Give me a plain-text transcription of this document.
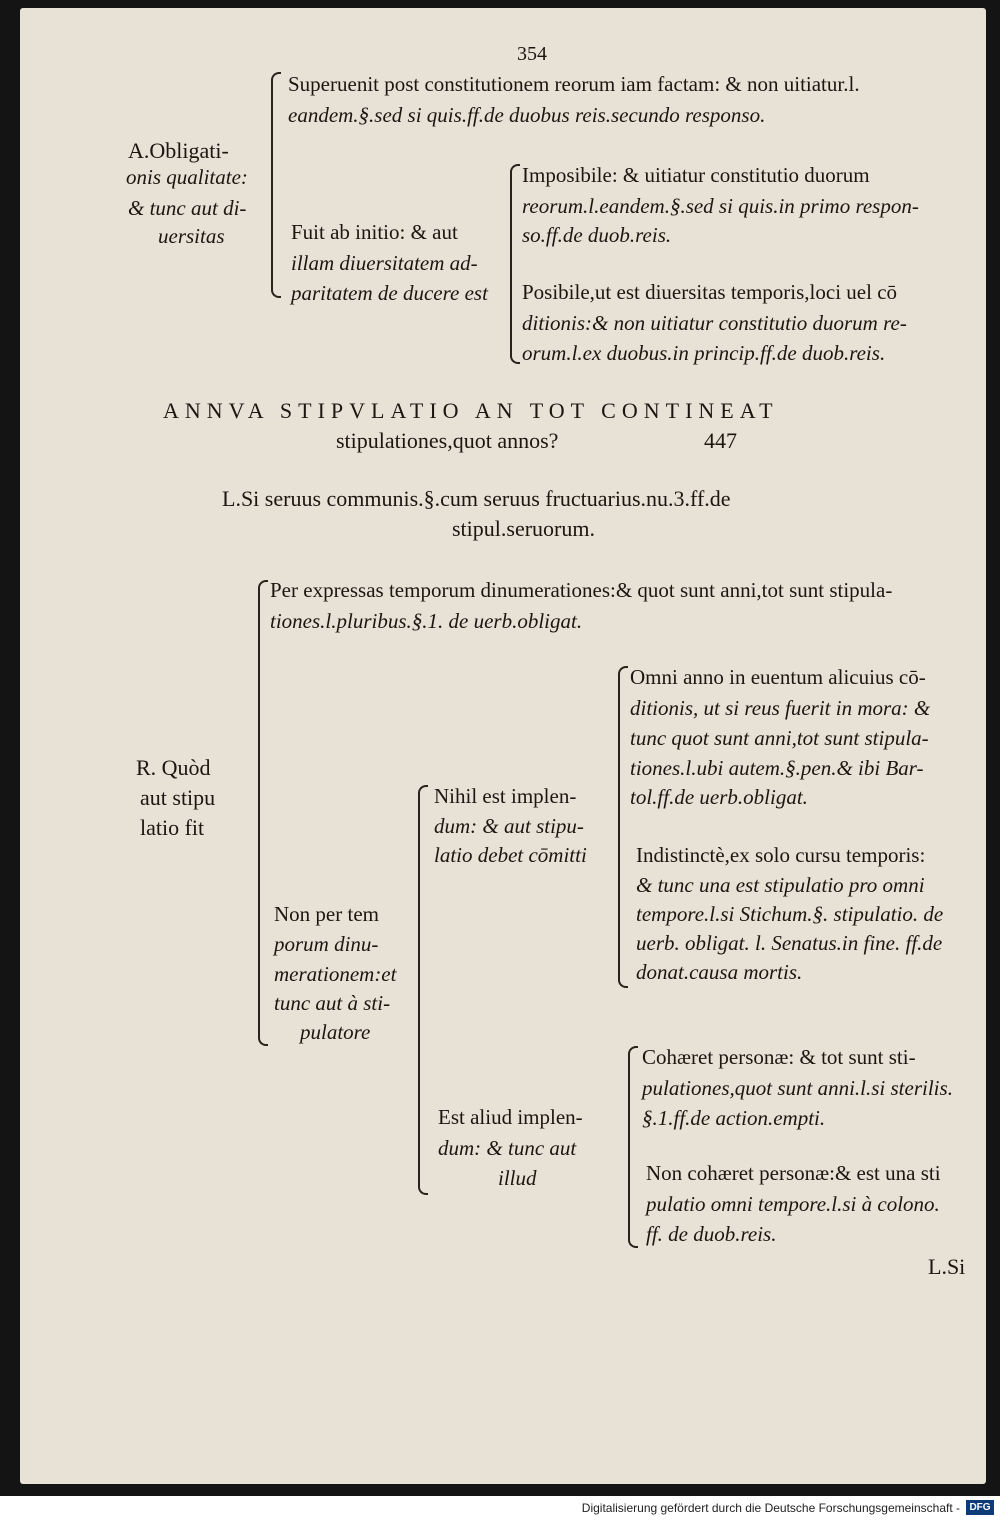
354
A.Obligati-
onis qualitate:
& tunc aut di-
uersitas
Superuenit post constitutionem reorum iam factam: & non uitiatur.l.
eandem.§.sed si quis.ff.de duobus reis.secundo responso.
Fuit ab initio: & aut
illam diuersitatem ad-
paritatem de ducere est
Imposibile: & uitiatur constitutio duorum
reorum.l.eandem.§.sed si quis.in primo respon-
so.ff.de duob.reis.
Posibile,ut est diuersitas temporis,loci uel cō
ditionis:& non uitiatur constitutio duorum re-
orum.l.ex duobus.in princip.ff.de duob.reis.
ANNVA STIPVLATIO AN TOT CONTINEAT
stipulationes,quot annos?	447
L.Si seruus communis.§.cum seruus fructuarius.nu.3.ff.de
stipul.seruorum.
R. Quòd
aut stipu
latio fit
Per expressas temporum dinumerationes:& quot sunt anni,tot sunt stipula-
tiones.l.pluribus.§.1. de uerb.obligat.
Non per tem
porum dinu-
merationem:et
tunc aut à sti-
pulatore
Nihil est implen-
dum: & aut stipu-
latio debet cōmitti
Omni anno in euentum alicuius cō-
ditionis, ut si reus fuerit in mora: &
tunc quot sunt anni,tot sunt stipula-
tiones.l.ubi autem.§.pen.& ibi Bar-
tol.ff.de uerb.obligat.
Indistinctè,ex solo cursu temporis:
& tunc una est stipulatio pro omni
tempore.l.si Stichum.§. stipulatio. de
uerb. obligat. l. Senatus.in fine. ff.de
donat.causa mortis.
Est aliud implen-
dum: & tunc aut
illud
Cohæret personæ: & tot sunt sti-
pulationes,quot sunt anni.l.si sterilis.
§.1.ff.de action.empti.
Non cohæret personæ:& est una sti
pulatio omni tempore.l.si à colono.
ff. de duob.reis.
L.Si
Digitalisierung gefördert durch die Deutsche Forschungsgemeinschaft - DFG
